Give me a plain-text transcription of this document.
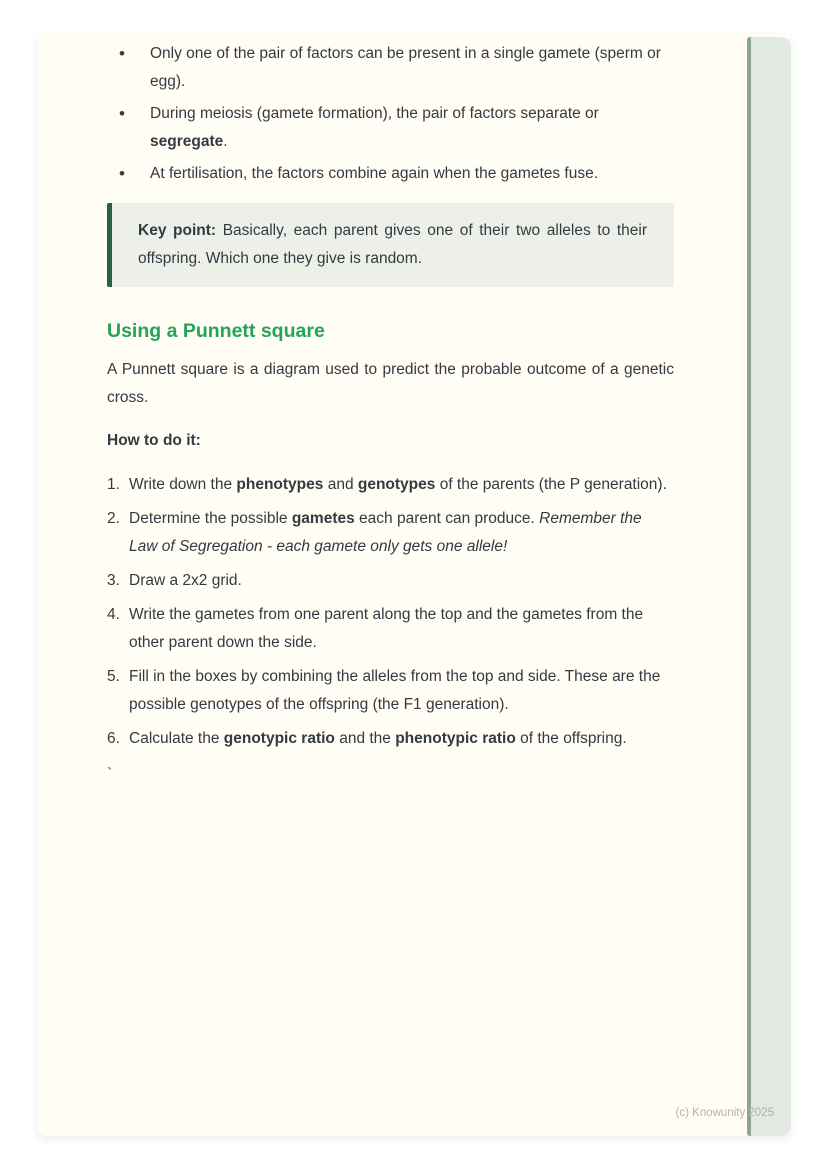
• Only one of the pair of factors can be present in a single gamete (sperm or egg).
• During meiosis (gamete formation), the pair of factors separate or segregate.
• At fertilisation, the factors combine again when the gametes fuse.
Key point: Basically, each parent gives one of their two alleles to their offspring. Which one they give is random.
Using a Punnett square

A Punnett square is a diagram used to predict the probable outcome of a genetic cross.

How to do it:

Write down the phenotypes and genotypes of the parents (the P generation).
Determine the possible gametes each parent can produce. Remember the Law of Segregation - each gamete only gets one allele!
Draw a 2x2 grid.
Write the gametes from one parent along the top and the gametes from the other parent down the side.
Fill in the boxes by combining the alleles from the top and side. These are the possible genotypes of the offspring (the F1 generation).
Calculate the genotypic ratio and the phenotypic ratio of the offspring.
`
(c) Knowunity 2025
